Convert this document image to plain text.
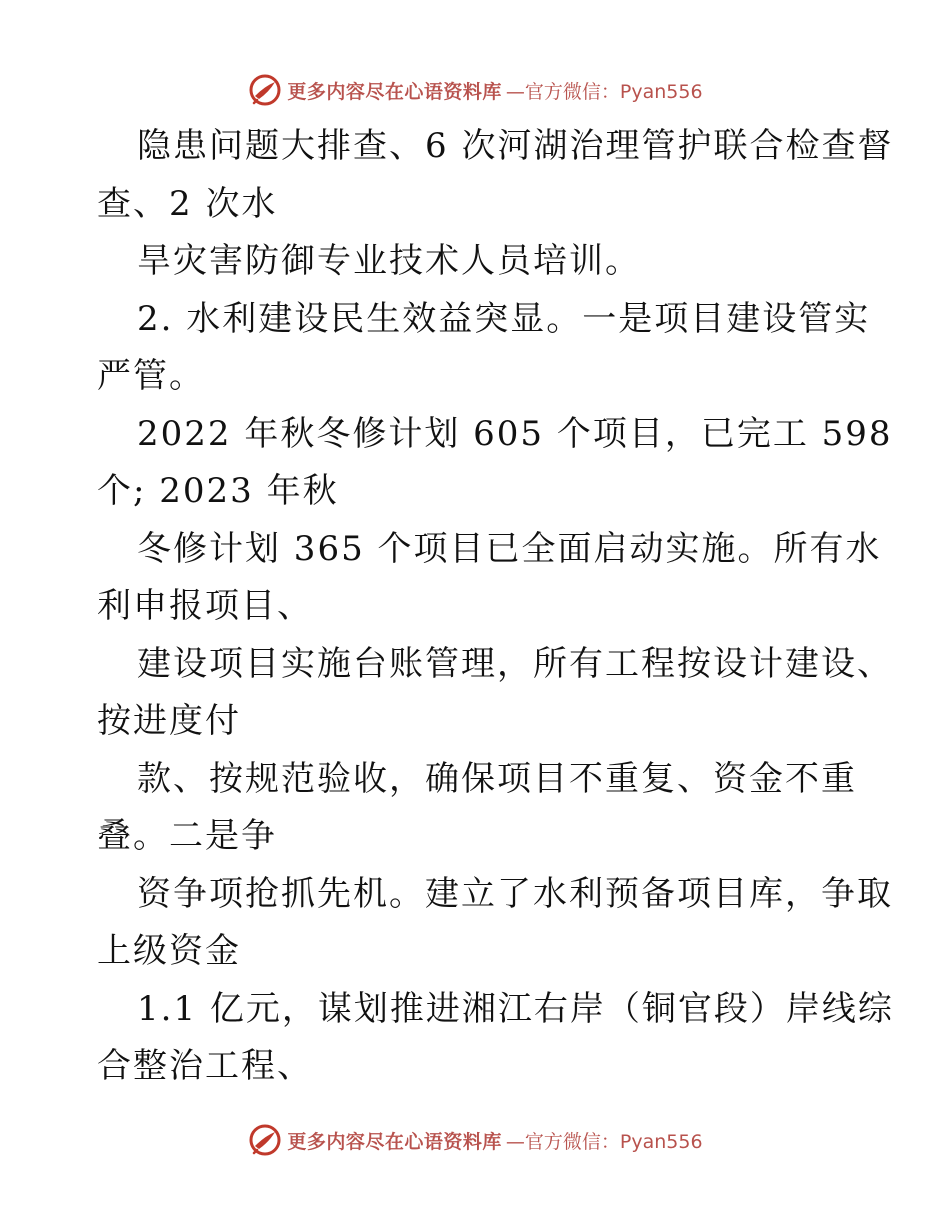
更多内容尽在心语资料库 —官方微信：Pyan556
隐患问题大排查、6 次河湖治理管护联合检查督
查、2 次水
旱灾害防御专业技术人员培训。
2. 水利建设民生效益突显。一是项目建设管实
严管。
2022 年秋冬修计划 605 个项目，已完工 598
个; 2023 年秋
冬修计划 365 个项目已全面启动实施。所有水
利申报项目、
建设项目实施台账管理，所有工程按设计建设、
按进度付
款、按规范验收，确保项目不重复、资金不重
叠。二是争
资争项抢抓先机。建立了水利预备项目库，争取
上级资金
1.1 亿元，谋划推进湘江右岸（铜官段）岸线综
合整治工程、
更多内容尽在心语资料库 —官方微信：Pyan556
